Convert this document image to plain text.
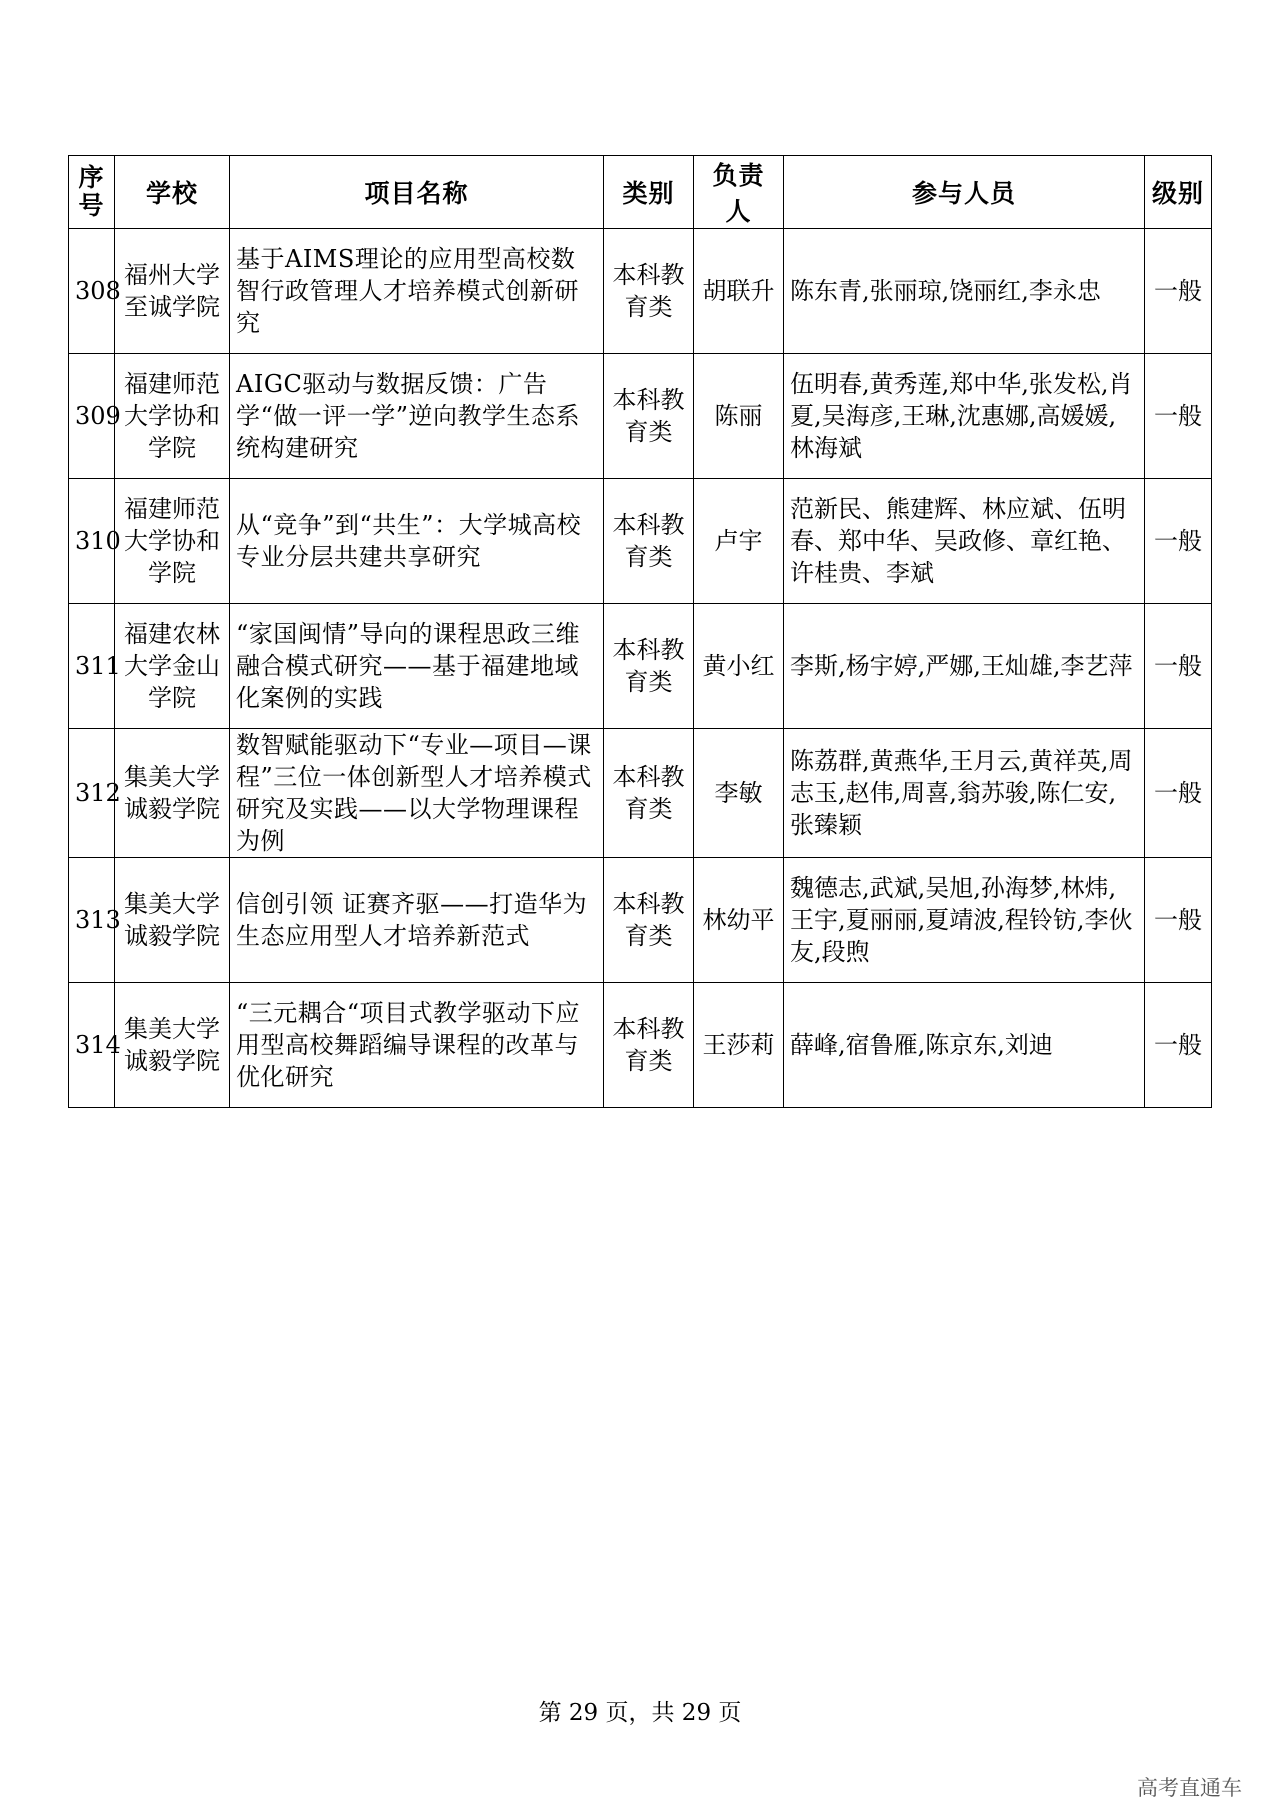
序号	学校	项目名称	类别	负责人	参与人员	级别
308	福州大学至诚学院	基于AIMS理论的应用型高校数智行政管理人才培养模式创新研究	本科教育类	胡联升	陈东青,张丽琼,饶丽红,李永忠	一般
309	福建师范大学协和学院	AIGC驱动与数据反馈：广告学“做一评一学”逆向教学生态系统构建研究	本科教育类	陈丽	伍明春,黄秀莲,郑中华,张发松,肖夏,吴海彦,王琳,沈惠娜,高媛媛,林海斌	一般
310	福建师范大学协和学院	从“竞争”到“共生”：大学城高校专业分层共建共享研究	本科教育类	卢宇	范新民、熊建辉、林应斌、伍明春、郑中华、吴政修、章红艳、许桂贵、李斌	一般
311	福建农林大学金山学院	“家国闽情”导向的课程思政三维融合模式研究——基于福建地域化案例的实践	本科教育类	黄小红	李斯,杨宇婷,严娜,王灿雄,李艺萍	一般
312	集美大学诚毅学院	数智赋能驱动下“专业—项目—课程”三位一体创新型人才培养模式研究及实践——以大学物理课程为例	本科教育类	李敏	陈荔群,黄燕华,王月云,黄祥英,周志玉,赵伟,周喜,翁苏骏,陈仁安,张臻颖	一般
313	集美大学诚毅学院	信创引领 证赛齐驱——打造华为生态应用型人才培养新范式	本科教育类	林幼平	魏德志,武斌,吴旭,孙海梦,林炜,王宇,夏丽丽,夏靖波,程铃钫,李伙友,段煦	一般
314	集美大学诚毅学院	“三元耦合“项目式教学驱动下应用型高校舞蹈编导课程的改革与优化研究	本科教育类	王莎莉	薛峰,宿鲁雁,陈京东,刘迪	一般
第 29 页，共 29 页
高考直通车
